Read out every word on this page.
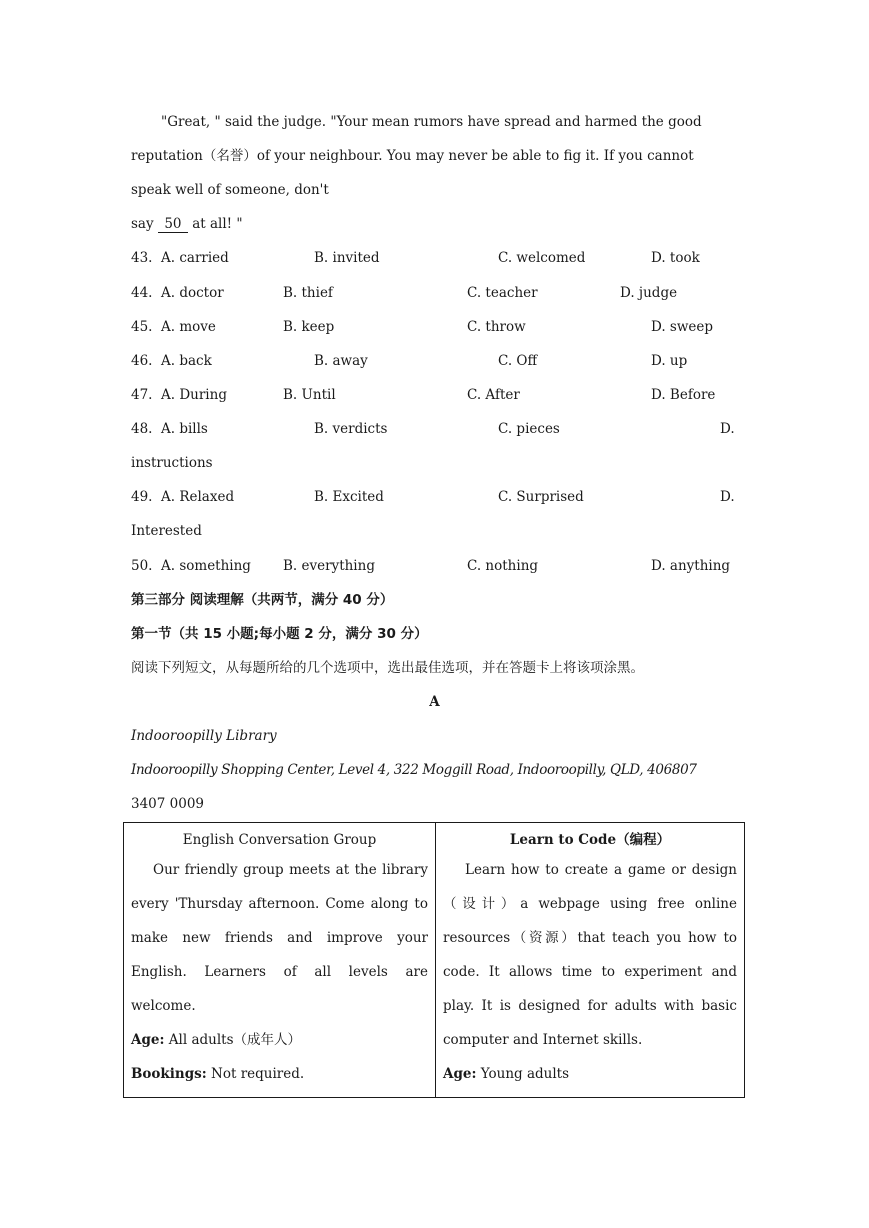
"Great, " said the judge. "Your mean rumors have spread and harmed the good
reputation（名誉）of your neighbour. You may never be able to fig it. If you cannot
speak well of someone, don't
say 50 at all! "
43. A. carried	B. invited	C. welcomed	D. took
44. A. doctor	B. thief	C. teacher	D. judge
45. A. move	B. keep	C. throw	D. sweep
46. A. back	B. away	C. Off	D. up
47. A. During	B. Until	C. After	D. Before
48. A. bills	B. verdicts	C. pieces	D.
instructions
49. A. Relaxed	B. Excited	C. Surprised	D.
Interested
50. A. something B. everything	C. nothing	D. anything
第三部分 阅读理解（共两节，满分 40 分）
第一节（共 15 小题;每小题 2 分，满分 30 分）
阅读下列短文，从每题所给的几个选项中，选出最佳选项，并在答题卡上将该项涂黑。
A
Indooroopilly Library
Indooroopilly Shopping Center, Level 4, 322 Moggill Road, Indooroopilly, QLD, 406807
3407 0009
English Conversation Group
Our friendly group meets at the library every 'Thursday afternoon. Come along to make new friends and improve your English. Learners of all levels are welcome.
Age: All adults（成年人）
Bookings: Not required.

Learn to Code（编程）
Learn how to create a game or design（设计）a webpage using free online resources（资源）that teach you how to code. It allows time to experiment and play. It is designed for adults with basic computer and Internet skills.
Age: Young adults
